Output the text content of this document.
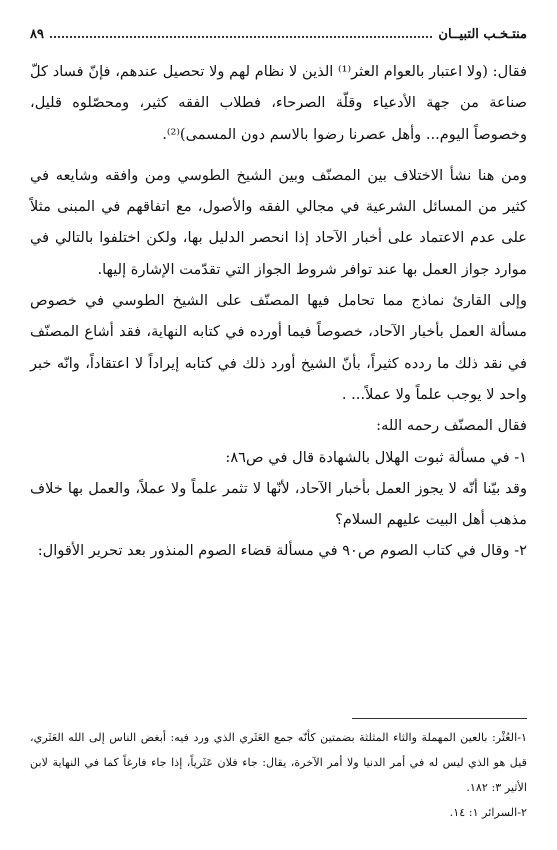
منتـخـب التبيــان
٨٩

فقال: (ولا اعتبار بالعوام العثر⁽¹⁾ الذين لا نظام لهم ولا تحصيل عندهم، فإنّ فساد كلّ صناعة من جهة الأدعياء وقلّة الصرحاء، فطلاب الفقه كثير، ومحصّلوه قليل، وخصوصاً اليوم... وأهل عصرنا رضوا بالاسم دون المسمى)⁽²⁾.

ومن هنا نشأ الاختلاف بين المصنّف وبين الشيخ الطوسي ومن وافقه وشايعه في كثير من المسائل الشرعية في مجالي الفقه والأصول، مع اتفاقهم في المبنى مثلاً على عدم الاعتماد على أخبار الآحاد إذا انحصر الدليل بها، ولكن اختلفوا بالتالي في موارد جواز العمل بها عند توافر شروط الجواز التي تقدّمت الإشارة إليها.

وإلى القارئ نماذج مما تحامل فيها المصنّف على الشيخ الطوسي في خصوص مسألة العمل بأخبار الآحاد، خصوصاً فيما أورده في كتابه النهاية، فقد أشاع المصنّف في نقد ذلك ما ردده كثيراً، بأنّ الشيخ أورد ذلك في كتابه إيراداً لا اعتقاداً، وانّه خبر واحد لا يوجب علماً ولا عملاً... .

فقال المصنّف رحمه الله:

١- في مسألة ثبوت الهلال بالشهادة قال في ص٨٦:

وقد بيّنا أنّه لا يجوز العمل بأخبار الآحاد، لأنّها لا تثمر علماً ولا عملاً، والعمل بها خلاف مذهب أهل البيت عليهم السلام؟

٢- وقال في كتاب الصوم ص٩٠ في مسألة قضاء الصوم المنذور بعد تحرير الأقوال:

١-العُثْر: بالعين المهملة والثاء المثلثة بضمتين كأنّه جمع العَثَري الذي ورد فيه: أبغض الناس إلى الله العَثَري، قيل هو الذي ليس له في أمر الدنيا ولا أمر الآخرة، يقال: جاء فلان عَثَرياً، إذا جاء فارغاً كما في النهاية لابن الأثير ٣: ١٨٢.

٢-السرائر ١: ١٤.
